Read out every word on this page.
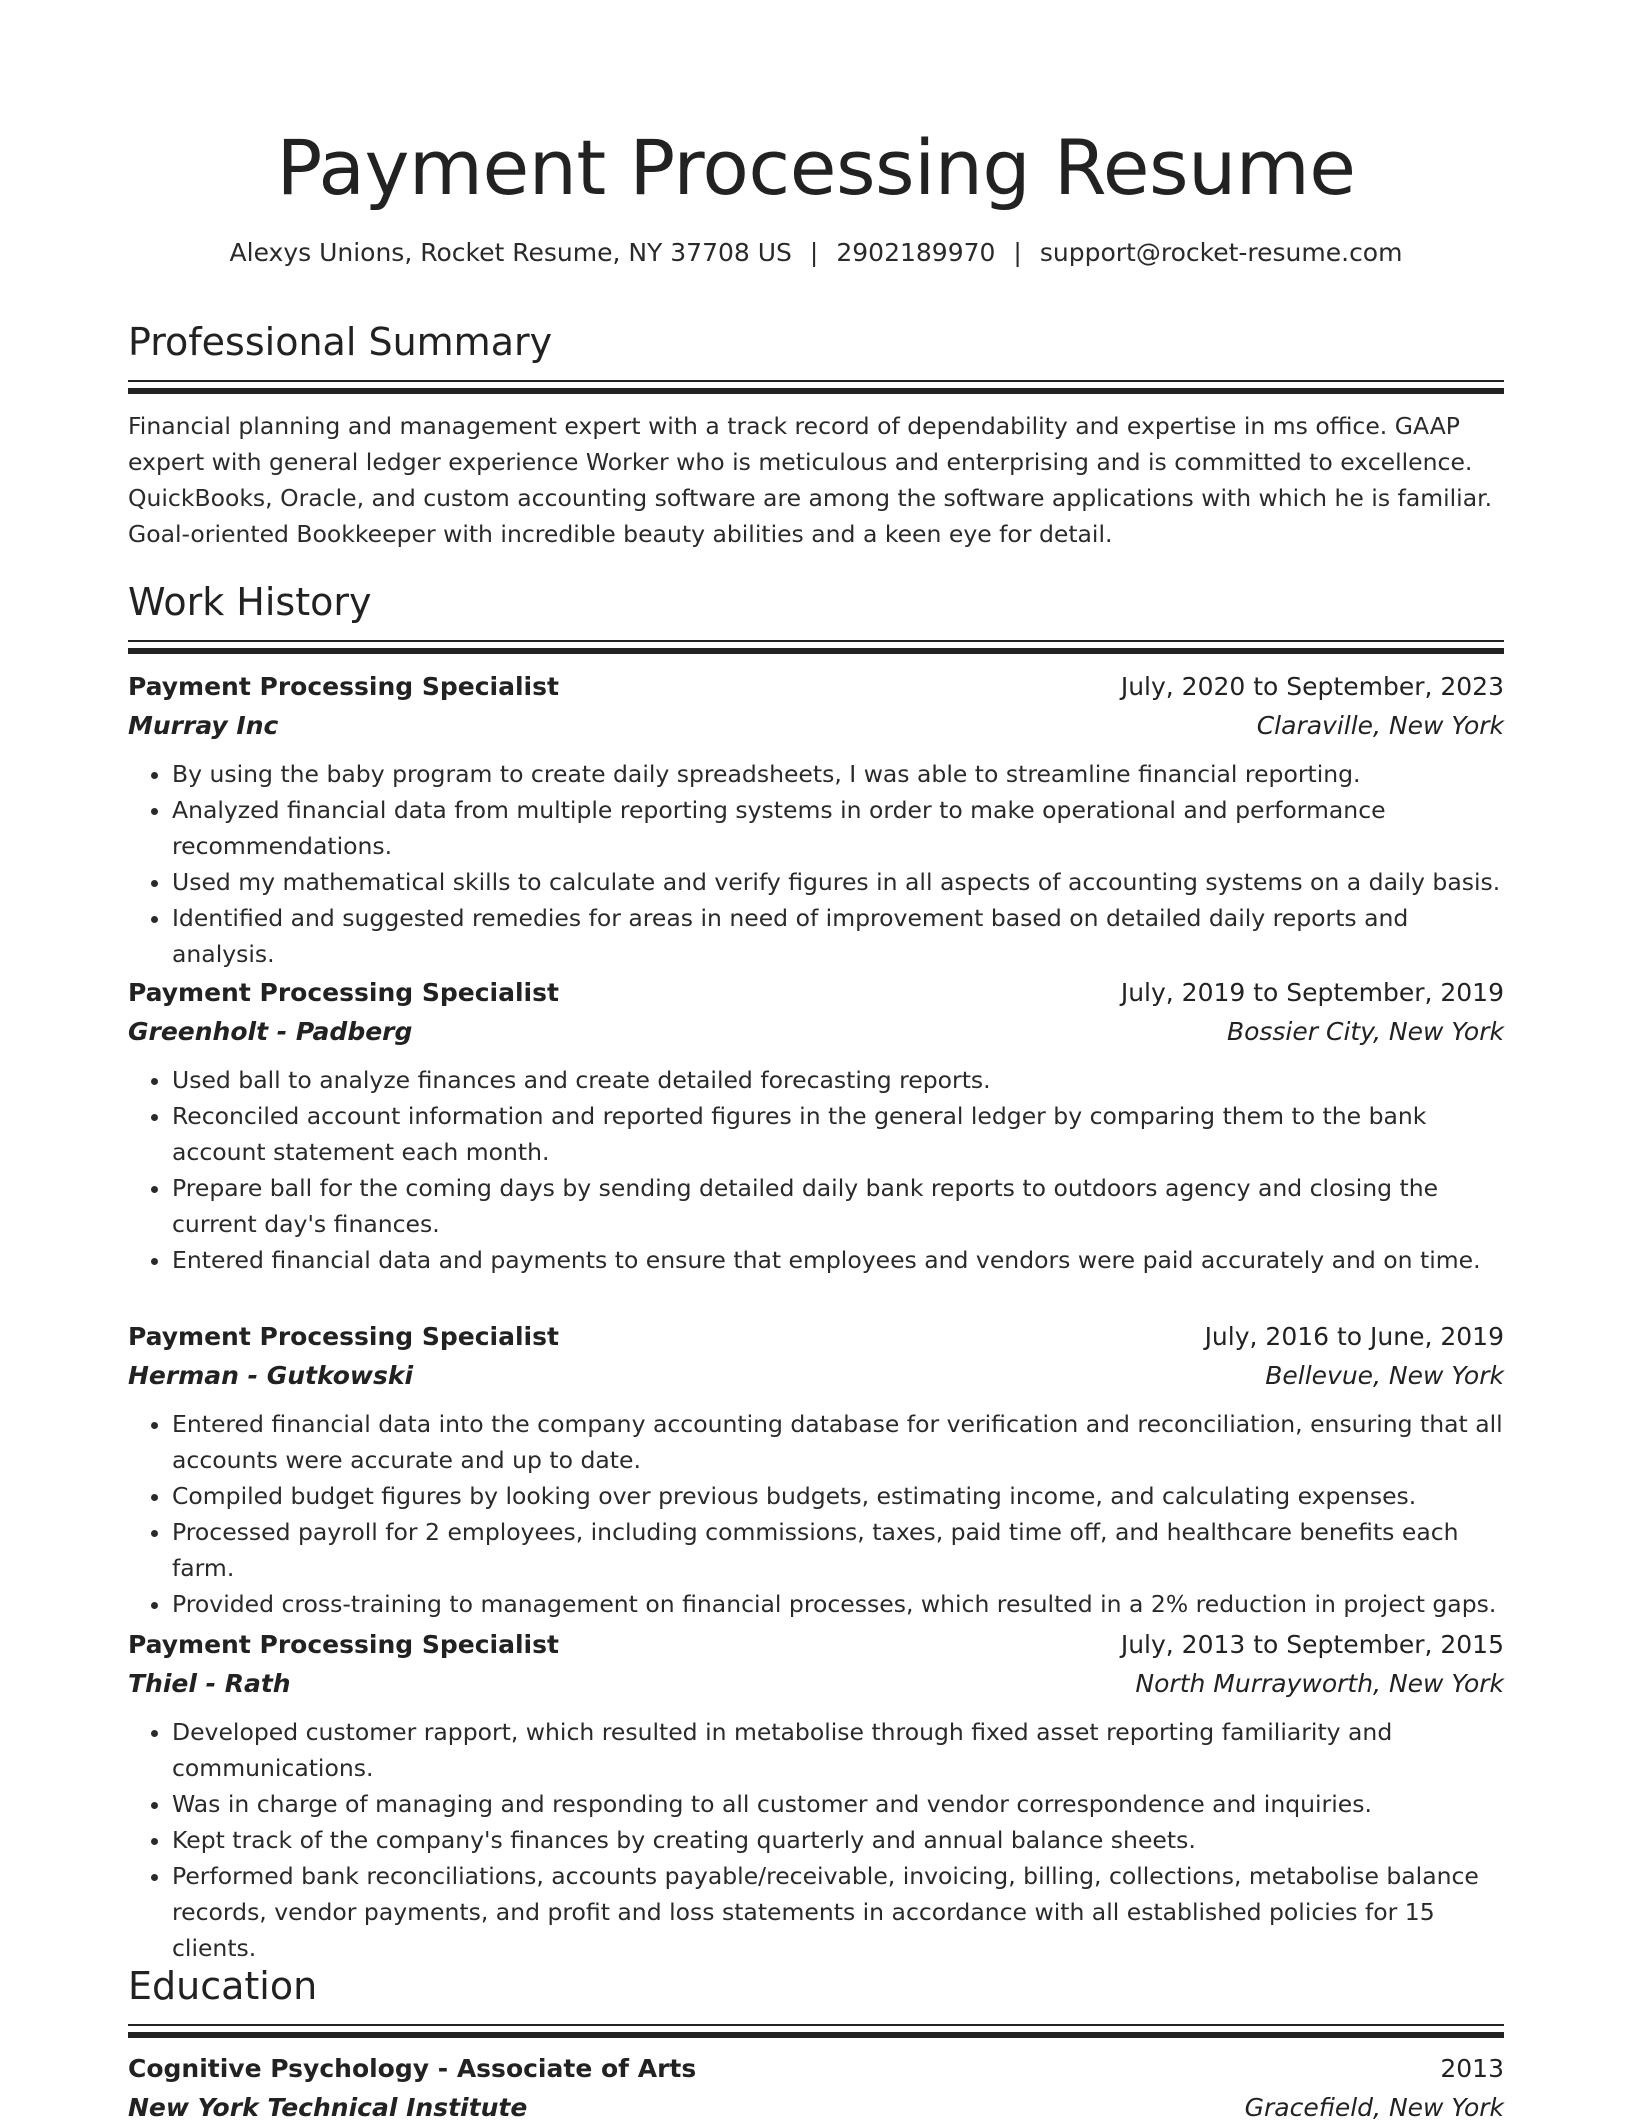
Payment Processing Resume
Alexys Unions, Rocket Resume, NY 37708 US | 2902189970 | support@rocket-resume.com
Professional Summary

Financial planning and management expert with a track record of dependability and expertise in ms office. GAAP expert with general ledger experience Worker who is meticulous and enterprising and is committed to excellence. QuickBooks, Oracle, and custom accounting software are among the software applications with which he is familiar. Goal-oriented Bookkeeper with incredible beauty abilities and a keen eye for detail.

Work History
Payment Processing Specialist	July, 2020 to September, 2023
Murray Inc	Claraville, New York
• By using the baby program to create daily spreadsheets, I was able to streamline financial reporting.
• Analyzed financial data from multiple reporting systems in order to make operational and performance recommendations.
• Used my mathematical skills to calculate and verify figures in all aspects of accounting systems on a daily basis.
• Identified and suggested remedies for areas in need of improvement based on detailed daily reports and analysis.
Payment Processing Specialist	July, 2019 to September, 2019
Greenholt - Padberg	Bossier City, New York
• Used ball to analyze finances and create detailed forecasting reports.
• Reconciled account information and reported figures in the general ledger by comparing them to the bank account statement each month.
• Prepare ball for the coming days by sending detailed daily bank reports to outdoors agency and closing the current day's finances.
• Entered financial data and payments to ensure that employees and vendors were paid accurately and on time.
Payment Processing Specialist	July, 2016 to June, 2019
Herman - Gutkowski	Bellevue, New York
• Entered financial data into the company accounting database for verification and reconciliation, ensuring that all accounts were accurate and up to date.
• Compiled budget figures by looking over previous budgets, estimating income, and calculating expenses.
• Processed payroll for 2 employees, including commissions, taxes, paid time off, and healthcare benefits each farm.
• Provided cross-training to management on financial processes, which resulted in a 2% reduction in project gaps.
Payment Processing Specialist	July, 2013 to September, 2015
Thiel - Rath	North Murrayworth, New York
• Developed customer rapport, which resulted in metabolise through fixed asset reporting familiarity and communications.
• Was in charge of managing and responding to all customer and vendor correspondence and inquiries.
• Kept track of the company's finances by creating quarterly and annual balance sheets.
• Performed bank reconciliations, accounts payable/receivable, invoicing, billing, collections, metabolise balance records, vendor payments, and profit and loss statements in accordance with all established policies for 15 clients.
Education
Cognitive Psychology - Associate of Arts	2013
New York Technical Institute	Gracefield, New York
